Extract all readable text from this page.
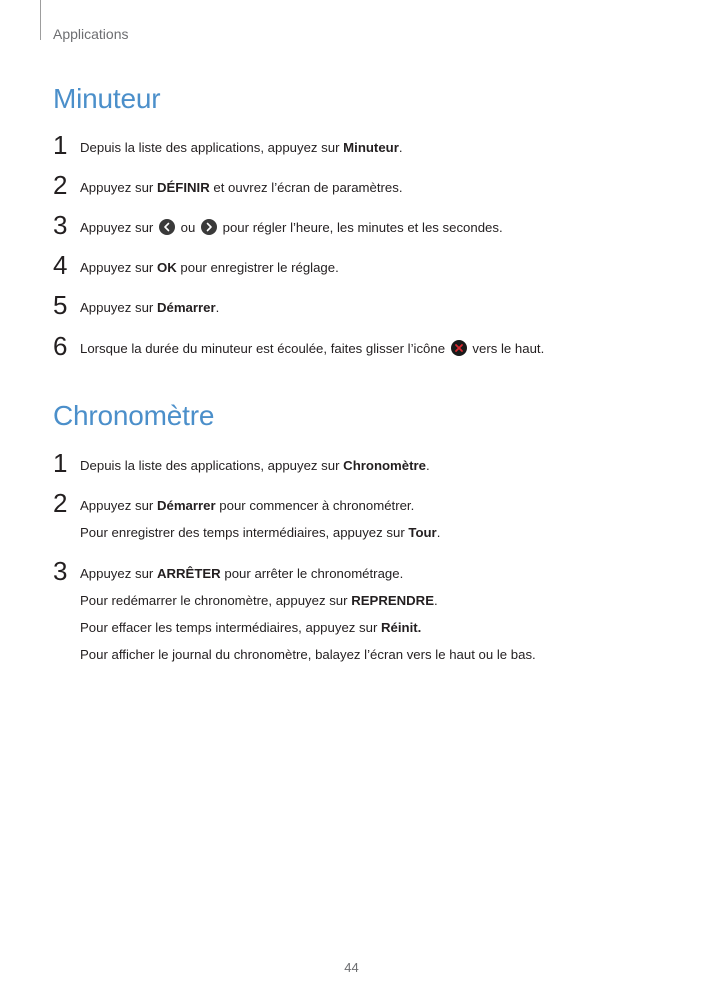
Applications
Minuteur
1 Depuis la liste des applications, appuyez sur Minuteur.
2 Appuyez sur DÉFINIR et ouvrez l’écran de paramètres.
3 Appuyez sur
ou
pour régler l’heure, les minutes et les secondes.
4 Appuyez sur OK pour enregistrer le réglage.
5 Appuyez sur Démarrer.
6 Lorsque la durée du minuteur est écoulée, faites glisser l’icône
vers le haut.
Chronomètre
1 Depuis la liste des applications, appuyez sur Chronomètre.
2 Appuyez sur Démarrer pour commencer à chronométrer.
Pour enregistrer des temps intermédiaires, appuyez sur Tour.
3 Appuyez sur ARRÊTER pour arrêter le chronométrage.
Pour redémarrer le chronomètre, appuyez sur REPRENDRE.
Pour effacer les temps intermédiaires, appuyez sur Réinit.
Pour afficher le journal du chronomètre, balayez l’écran vers le haut ou le bas.
44
